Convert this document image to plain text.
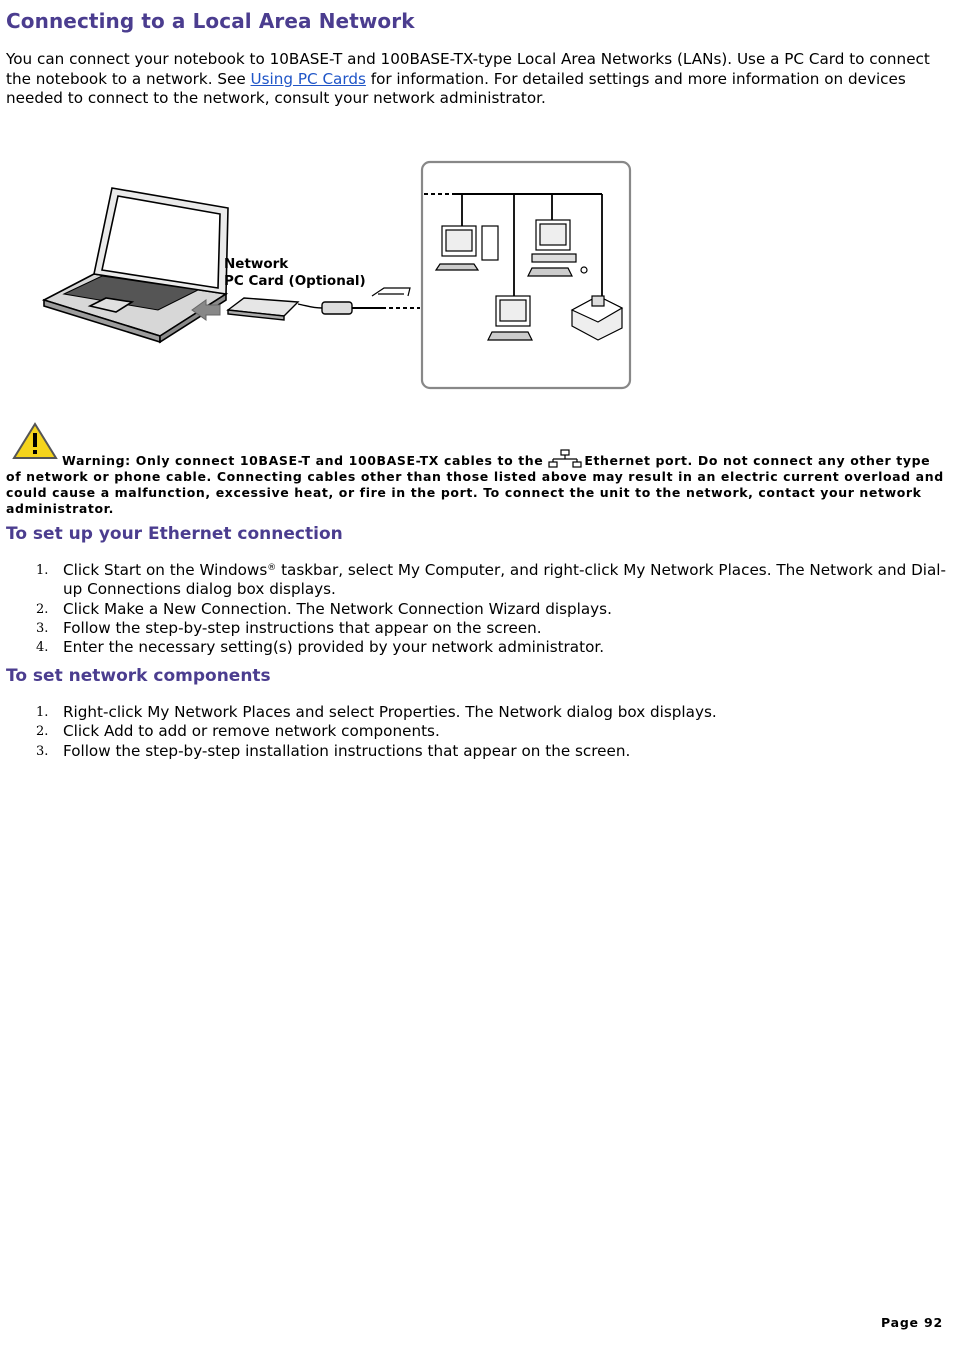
Connecting to a Local Area Network

You can connect your notebook to 10BASE-T and 100BASE-TX-type Local Area Networks (LANs). Use a PC Card to connect the notebook to a network. See Using PC Cards for information. For detailed settings and more information on devices needed to connect to the network, consult your network administrator.

Network
PC Card (Optional)

Warning: Only connect 10BASE-T and 100BASE-TX cables to the	Ethernet port. Do not connect any other type of network or phone cable. Connecting cables other than those listed above may result in an electric current overload and could cause a malfunction, excessive heat, or fire in the port. To connect the unit to the network, contact your network administrator.

To set up your Ethernet connection
1. Click Start on the Windows® taskbar, select My Computer, and right-click My Network Places. The Network and Dial-up Connections dialog box displays.
2. Click Make a New Connection. The Network Connection Wizard displays.
3. Follow the step-by-step instructions that appear on the screen.
4. Enter the necessary setting(s) provided by your network administrator.
To set network components
1. Right-click My Network Places and select Properties. The Network dialog box displays.
2. Click Add to add or remove network components.
3. Follow the step-by-step installation instructions that appear on the screen.
Page 92
